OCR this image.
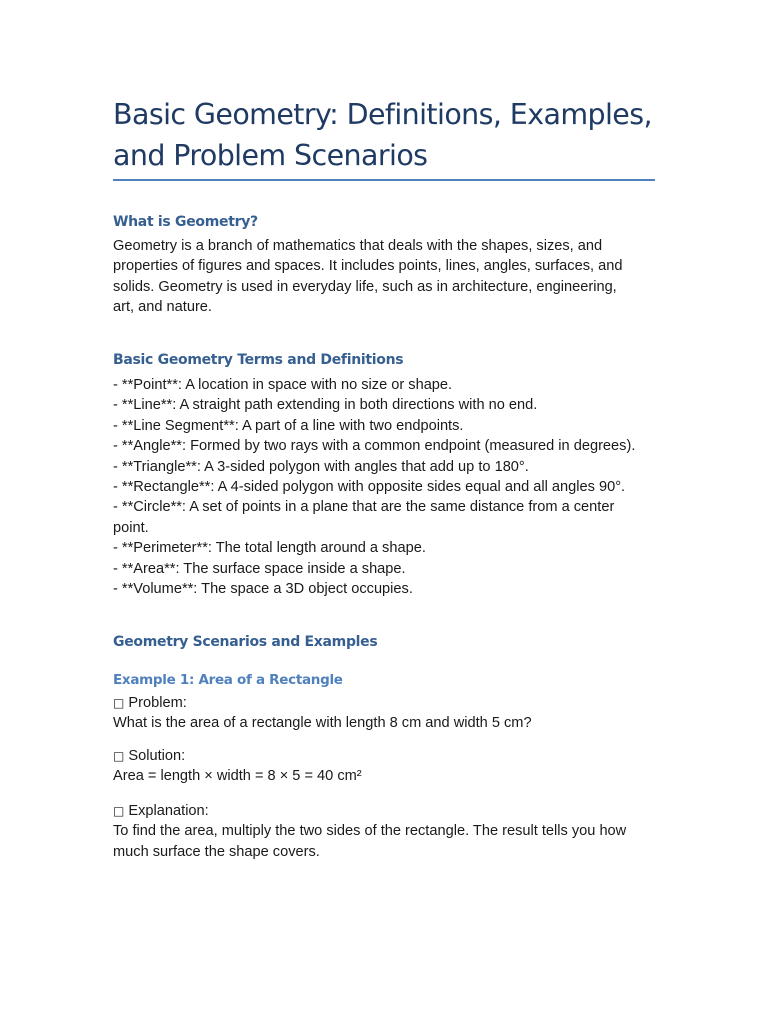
Basic Geometry: Definitions, Examples,
and Problem Scenarios
What is Geometry?
Geometry is a branch of mathematics that deals with the shapes, sizes, and
properties of figures and spaces. It includes points, lines, angles, surfaces, and
solids. Geometry is used in everyday life, such as in architecture, engineering,
art, and nature.
Basic Geometry Terms and Definitions
- **Point**: A location in space with no size or shape.
- **Line**: A straight path extending in both directions with no end.
- **Line Segment**: A part of a line with two endpoints.
- **Angle**: Formed by two rays with a common endpoint (measured in degrees).
- **Triangle**: A 3-sided polygon with angles that add up to 180°.
- **Rectangle**: A 4-sided polygon with opposite sides equal and all angles 90°.
- **Circle**: A set of points in a plane that are the same distance from a center
point.
- **Perimeter**: The total length around a shape.
- **Area**: The surface space inside a shape.
- **Volume**: The space a 3D object occupies.
Geometry Scenarios and Examples
Example 1: Area of a Rectangle
□ Problem:
What is the area of a rectangle with length 8 cm and width 5 cm?
□ Solution:
Area = length × width = 8 × 5 = 40 cm²
□ Explanation:
To find the area, multiply the two sides of the rectangle. The result tells you how
much surface the shape covers.
